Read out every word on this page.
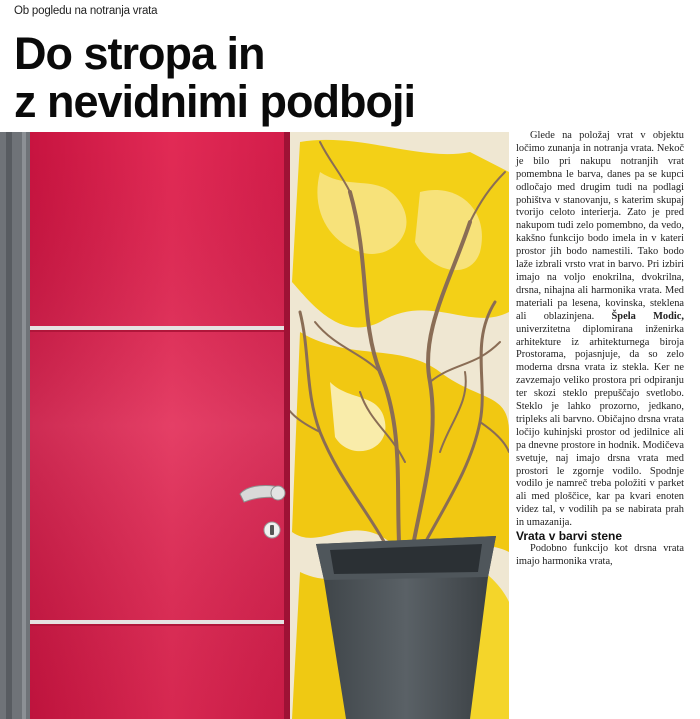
Ob pogledu na notranja vrata
Do stropa in
z nevidnimi podboji

Glede na položaj vrat v objektu ločimo zunanja in notranja vrata. Nekoč je bilo pri nakupu notranjih vrat pomembna le barva, danes pa se kupci odločajo med drugim tudi na podlagi pohištva v stanovanju, s katerim skupaj tvorijo celoto interierja. Zato je pred nakupom tudi zelo pomembno, da vedo, kakšno funkcijo bodo imela in v kateri prostor jih bodo namestili. Tako bodo laže izbrali vrsto vrat in barvo. Pri izbiri imajo na voljo enokrilna, dvokrilna, drsna, nihajna ali harmonika vrata. Med materiali pa lesena, kovinska, steklena ali oblazinjena. Špela Modic, univerzitetna diplomirana inženirka arhitekture iz arhitekturnega biroja Prostorama, pojasnjuje, da so zelo moderna drsna vrata iz stekla. Ker ne zavzemajo veliko prostora pri odpiranju ter skozi steklo prepuščajo svetlobo. Steklo je lahko prozorno, jedkano, tripleks ali barvno. Običajno drsna vrata ločijo kuhinjski prostor od jedilnice ali pa dnevne prostore in hodnik. Modičeva svetuje, naj imajo drsna vrata med prostori le zgornje vodilo. Spodnje vodilo je namreč treba položiti v parket ali med ploščice, kar pa kvari enoten videz tal, v vodilih pa se nabirata prah in umazanija.

Vrata v barvi stene

Podobno funkcijo kot drsna vrata imajo harmonika vrata,
